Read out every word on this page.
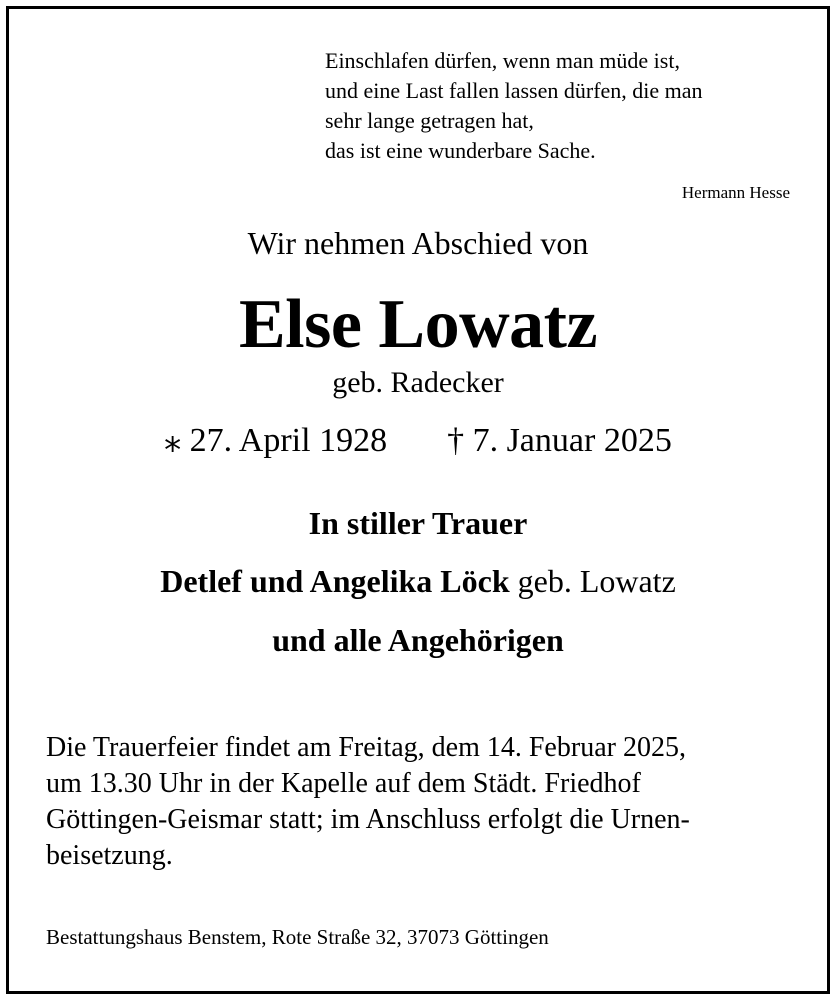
Einschlafen dürfen, wenn man müde ist,
und eine Last fallen lassen dürfen, die man
sehr lange getragen hat,
das ist eine wunderbare Sache.
Hermann Hesse
Wir nehmen Abschied von
Else Lowatz
geb. Radecker
⁎ 27. April 1928 † 7. Januar 2025
In stiller Trauer
Detlef und Angelika Löck geb. Lowatz
und alle Angehörigen
Die Trauerfeier findet am Freitag, dem 14. Februar 2025,
um 13.30 Uhr in der Kapelle auf dem Städt. Friedhof
Göttingen-Geismar statt; im Anschluss erfolgt die Urnen-
beisetzung.
Bestattungshaus Benstem, Rote Straße 32, 37073 Göttingen
